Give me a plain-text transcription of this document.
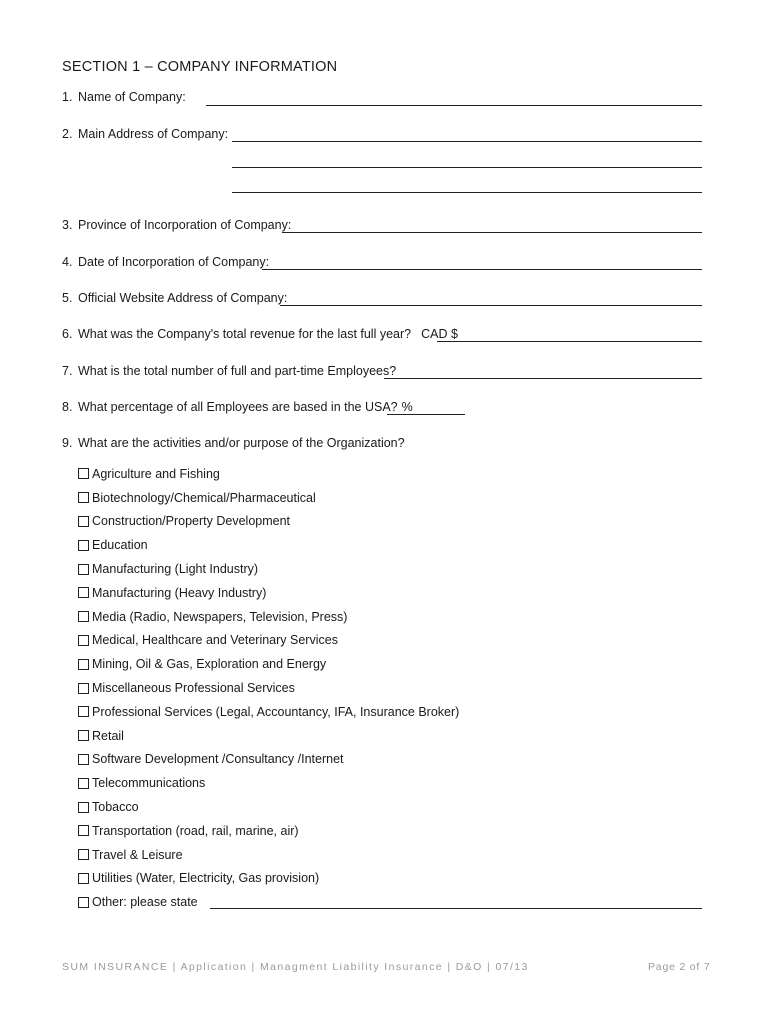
SECTION 1 – COMPANY INFORMATION
1. Name of Company:
2. Main Address of Company:
3. Province of Incorporation of Company:
4. Date of Incorporation of Company:
5. Official Website Address of Company:
6. What was the Company's total revenue for the last full year? CAD $
7. What is the total number of full and part-time Employees?
8. What percentage of all Employees are based in the USA? %
9. What are the activities and/or purpose of the Organization?
Agriculture and Fishing
Biotechnology/Chemical/Pharmaceutical
Construction/Property Development
Education
Manufacturing (Light Industry)
Manufacturing (Heavy Industry)
Media (Radio, Newspapers, Television, Press)
Medical, Healthcare and Veterinary Services
Mining, Oil & Gas, Exploration and Energy
Miscellaneous Professional Services
Professional Services (Legal, Accountancy, IFA, Insurance Broker)
Retail
Software Development /Consultancy /Internet
Telecommunications
Tobacco
Transportation (road, rail, marine, air)
Travel & Leisure
Utilities (Water, Electricity, Gas provision)
Other: please state
SUM INSURANCE | Application | Managment Liability Insurance | D&O | 07/13	Page 2 of 7
